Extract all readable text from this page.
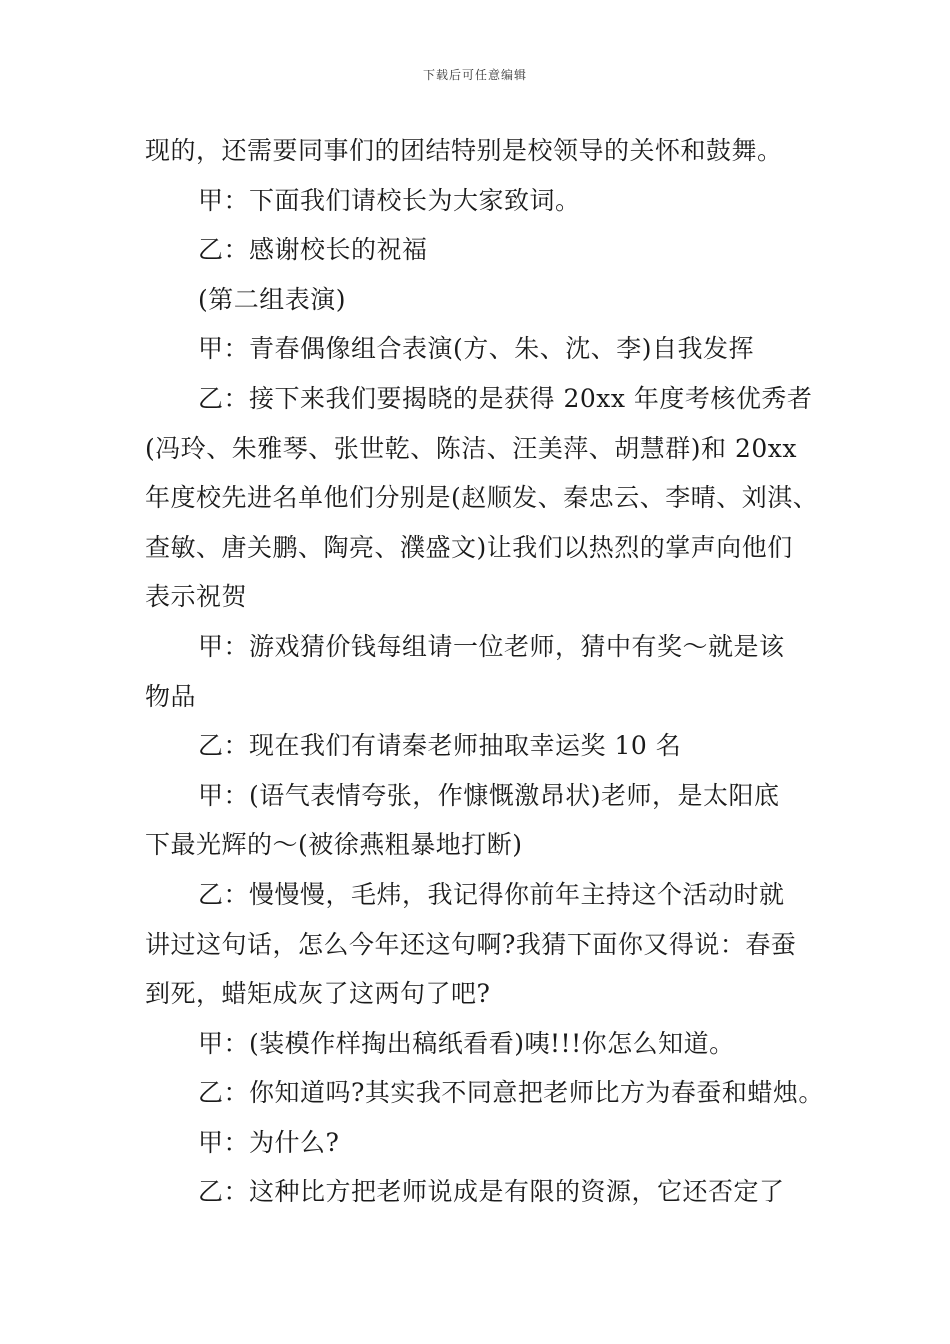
下载后可任意编辑
现的，还需要同事们的团结特别是校领导的关怀和鼓舞。
甲：下面我们请校长为大家致词。
乙：感谢校长的祝福
(第二组表演)
甲：青春偶像组合表演(方、朱、沈、李)自我发挥
乙：接下来我们要揭晓的是获得 20xx 年度考核优秀者
(冯玲、朱雅琴、张世乾、陈洁、汪美萍、胡慧群)和 20xx
年度校先进名单他们分别是(赵顺发、秦忠云、李晴、刘淇、
查敏、唐关鹏、陶亮、濮盛文)让我们以热烈的掌声向他们
表示祝贺
甲：游戏猜价钱每组请一位老师，猜中有奖～就是该
物品
乙：现在我们有请秦老师抽取幸运奖 10 名
甲：(语气表情夸张，作慷慨激昂状)老师，是太阳底
下最光辉的～(被徐燕粗暴地打断)
乙：慢慢慢，毛炜，我记得你前年主持这个活动时就
讲过这句话，怎么今年还这句啊?我猜下面你又得说：春蚕
到死，蜡矩成灰了这两句了吧?
甲：(装模作样掏出稿纸看看)咦!!!你怎么知道。
乙：你知道吗?其实我不同意把老师比方为春蚕和蜡烛。
甲：为什么?
乙：这种比方把老师说成是有限的资源，它还否定了
